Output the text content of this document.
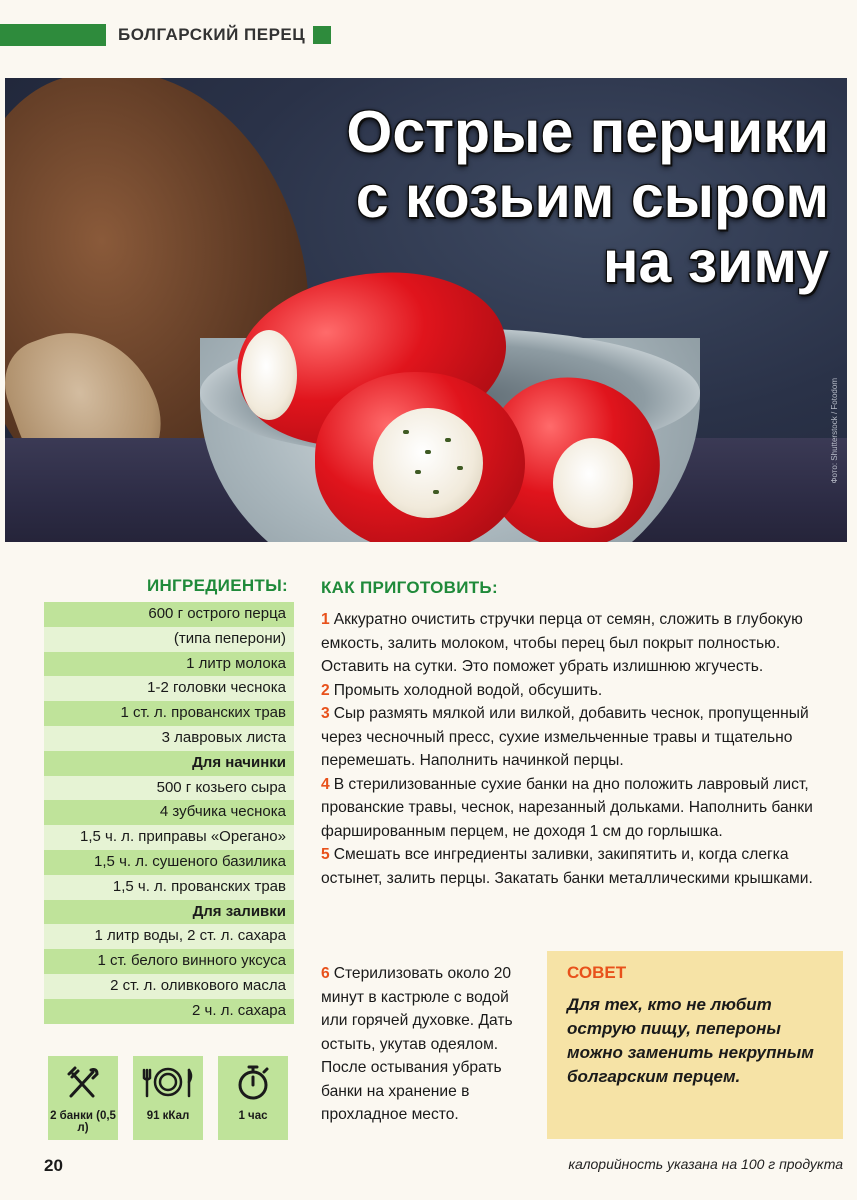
БОЛГАРСКИЙ ПЕРЕЦ
Острые перчики
с козьим сыром
на зиму
Фото: Shutterstock / Fotodom
ИНГРЕДИЕНТЫ:
600 г острого перца
(типа пеперони)
1 литр молока
1-2 головки чеснока
1 ст. л. прованских трав
3 лавровых листа
Для начинки
500 г козьего сыра
4 зубчика чеснока
1,5 ч. л. приправы «Орегано»
1,5 ч. л. сушеного базилика
1,5 ч. л. прованских трав
Для заливки
1 литр воды, 2 ст. л. сахара
1 ст. белого винного уксуса
2 ст. л. оливкового масла
2 ч. л. сахара
2 банки (0,5 л)
91 кКал	1 час
КАК ПРИГОТОВИТЬ:

1 Аккуратно очистить стручки перца от семян, сложить в глубокую емкость, залить молоком, чтобы перец был покрыт полностью. Оставить на сутки. Это поможет убрать излишнюю жгучесть.

2 Промыть холодной водой, обсушить.

3 Сыр размять мялкой или вилкой, добавить чеснок, пропущенный через чесночный пресс, сухие измельченные травы и тщательно перемешать. Наполнить начинкой перцы.

4 В стерилизованные сухие банки на дно положить лавровый лист, прованские травы, чеснок, нарезанный дольками. Наполнить банки фаршированным перцем, не доходя 1 см до горлышка.

5 Смешать все ингредиенты заливки, закипятить и, когда слегка остынет, залить перцы. Закатать банки металлическими крышками.

6 Стерилизовать около 20 минут в кастрюле с водой или горячей духовке. Дать остыть, укутав одеялом. После остывания убрать банки на хранение в прохладное место.
СОВЕТ
Для тех, кто не любит острую пищу, пепероны можно заменить некрупным болгарским перцем.
20	калорийность указана на 100 г продукта
